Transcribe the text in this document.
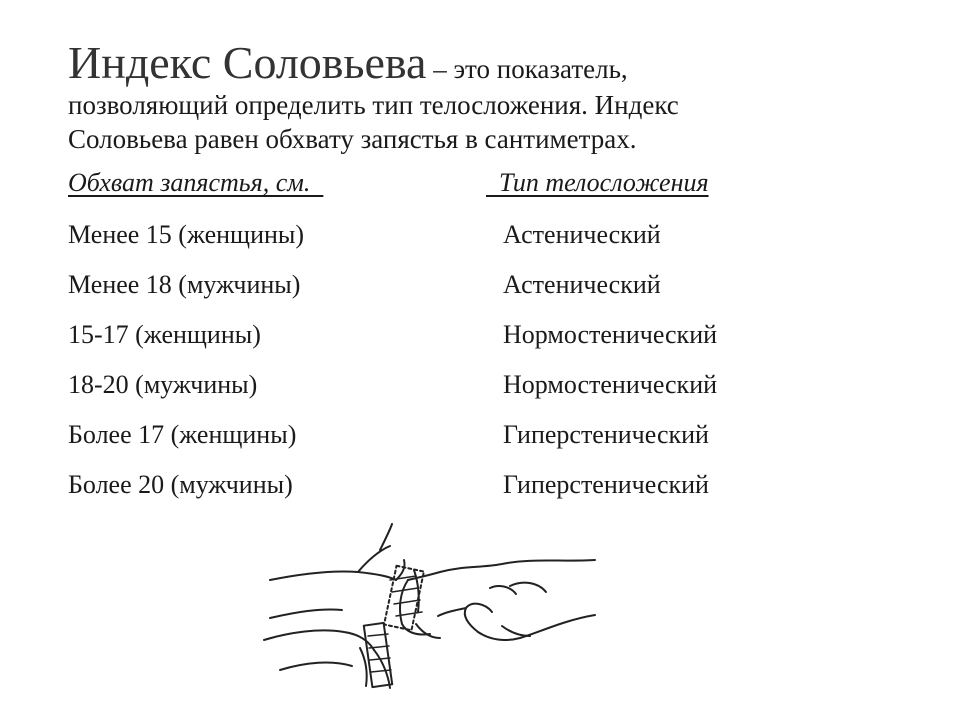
Индекс Соловьева – это показатель,
позволяющий определить тип телосложения. Индекс
Соловьева равен обхвату запястья в сантиметрах.
Обхват запястья, см.	Тип телосложения
Менее 15 (женщины)	Астенический
Менее 18 (мужчины)	Астенический
15-17 (женщины)	Нормостенический
18-20 (мужчины)	Нормостенический
Более 17 (женщины)	Гиперстенический
Более 20 (мужчины)	Гиперстенический
